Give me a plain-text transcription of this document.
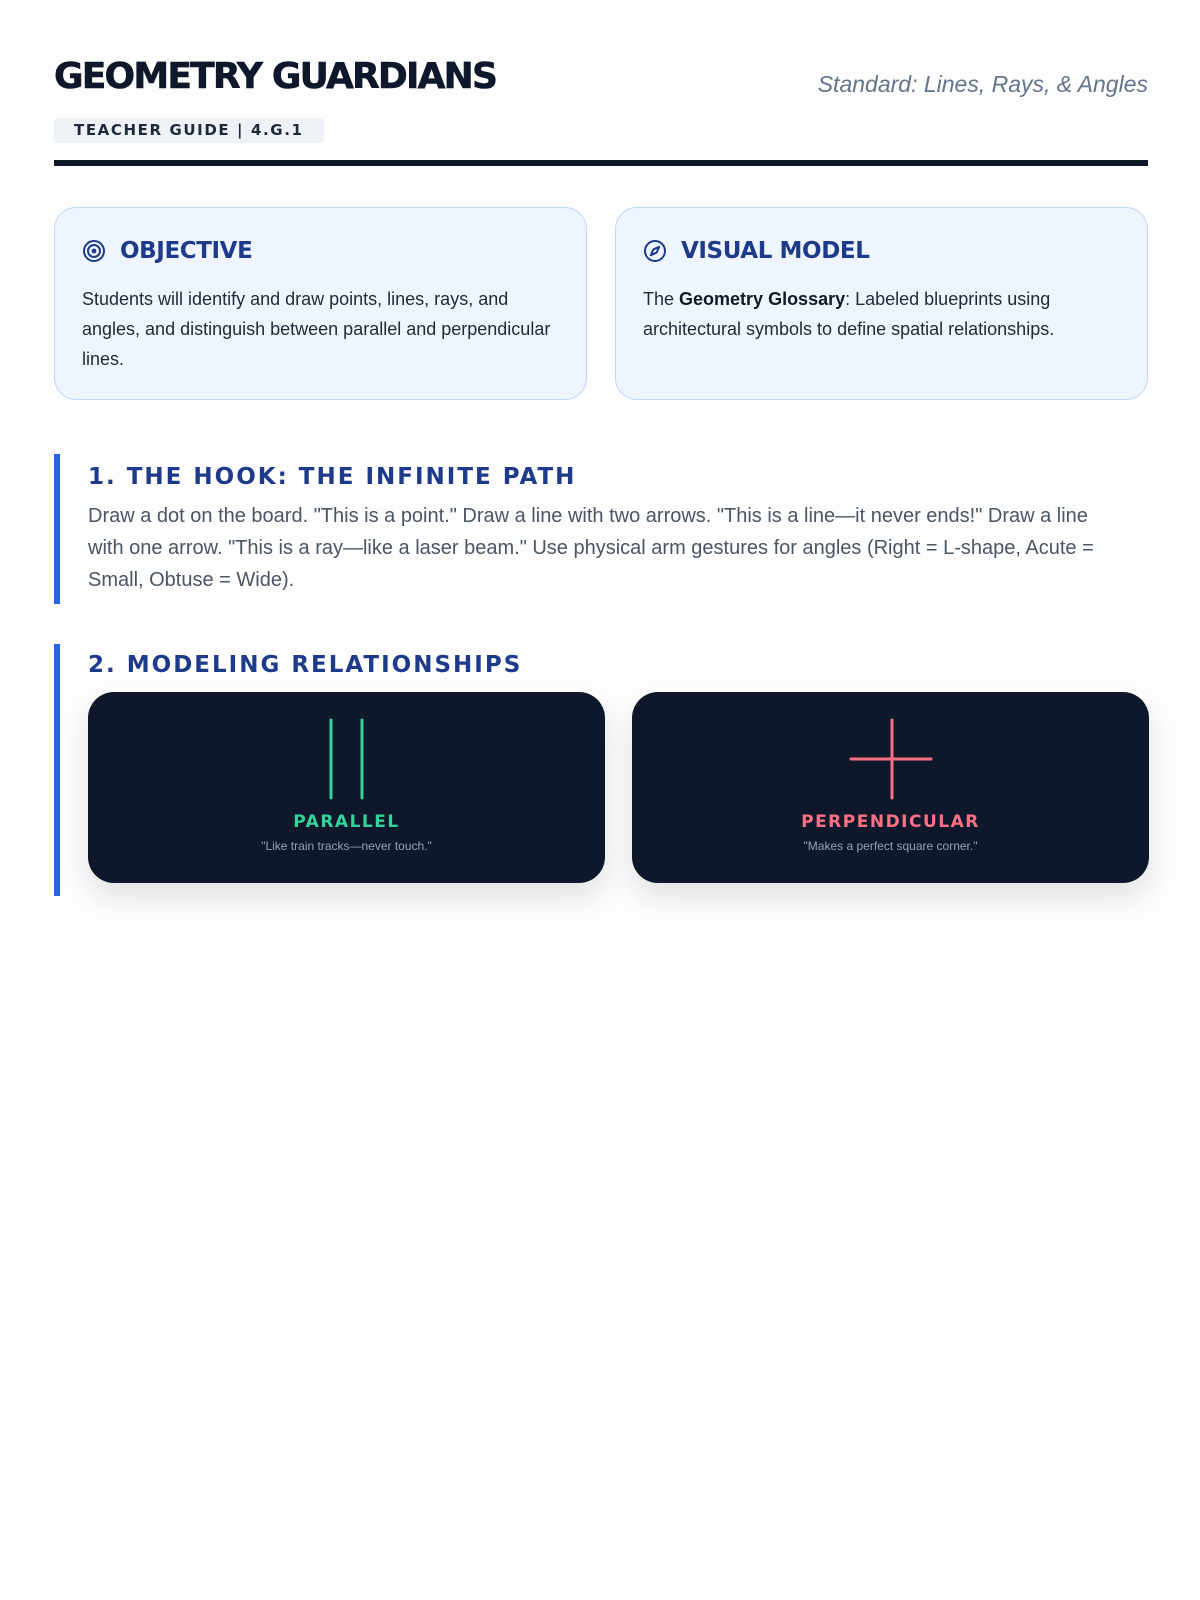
GEOMETRY GUARDIANS	Standard: Lines, Rays, & Angles
TEACHER GUIDE | 4.G.1
OBJECTIVE
Students will identify and draw points, lines, rays, and angles, and distinguish between parallel and perpendicular lines.
VISUAL MODEL
The Geometry Glossary: Labeled blueprints using architectural symbols to define spatial relationships.
1. THE HOOK: THE INFINITE PATH
Draw a dot on the board. "This is a point." Draw a line with two arrows. "This is a line—it never ends!" Draw a line with one arrow. "This is a ray—like a laser beam." Use physical arm gestures for angles (Right = L-shape, Acute = Small, Obtuse = Wide).
2. MODELING RELATIONSHIPS
PARALLEL
"Like train tracks—never touch."
PERPENDICULAR
"Makes a perfect square corner."
